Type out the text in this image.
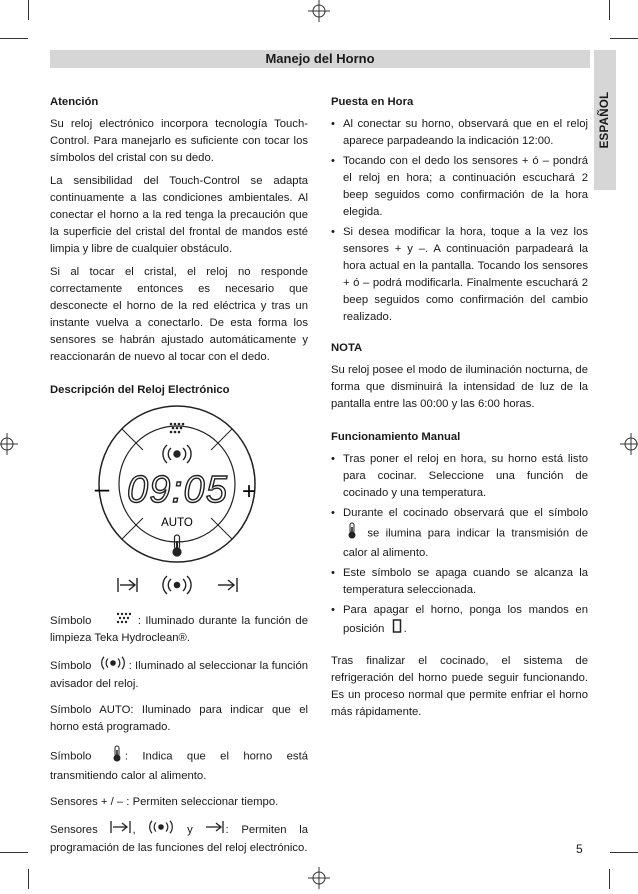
Manejo del Horno
ESPAÑOL
Atención

Su reloj electrónico incorpora tecnología Touch-Control. Para manejarlo es suficiente con tocar los símbolos del cristal con su dedo.

La sensibilidad del Touch-Control se adapta continuamente a las condiciones ambientales. Al conectar el horno a la red tenga la precaución que la superficie del cristal del frontal de mandos esté limpia y libre de cualquier obstáculo.

Si al tocar el cristal, el reloj no responde correctamente entonces es necesario que desconecte el horno de la red eléctrica y tras un instante vuelva a conectarlo. De esta forma los sensores se habrán ajustado automáticamente y reaccionarán de nuevo al tocar con el dedo.

Descripción del Reloj Electrónico
– 09:05 +
AUTO

Símbolo	: Iluminado durante la función de limpieza Teka Hydroclean®.

Símbolo	: Iluminado al seleccionar la función avisador del reloj.

Símbolo AUTO: Iluminado para indicar que el horno está programado.

Símbolo	: Indica que el horno está transmitiendo calor al alimento.

Sensores + / – : Permiten seleccionar tiempo.

Sensores	,	y	: Permiten la programación de las funciones del reloj electrónico.

Puesta en Hora
• Al conectar su horno, observará que en el reloj aparece parpadeando la indicación 12:00.
• Tocando con el dedo los sensores + ó – pondrá el reloj en hora; a continuación escuchará 2 beep seguidos como confirmación de la hora elegida.
• Si desea modificar la hora, toque a la vez los sensores + y –. A continuación parpadeará la hora actual en la pantalla. Tocando los sensores + ó – podrá modificarla. Finalmente escuchará 2 beep seguidos como confirmación del cambio realizado.
NOTA

Su reloj posee el modo de iluminación nocturna, de forma que disminuirá la intensidad de luz de la pantalla entre las 00:00 y las 6:00 horas.

Funcionamiento Manual
• Tras poner el reloj en hora, su horno está listo para cocinar. Seleccione una función de cocinado y una temperatura.
• Durante el cocinado observará que el símbolo  se ilumina para indicar la transmisión de calor al alimento.
• Este símbolo se apaga cuando se alcanza la temperatura seleccionada.
• Para apagar el horno, ponga los mandos en posición .

Tras finalizar el cocinado, el sistema de refrigeración del horno puede seguir funcionando. Es un proceso normal que permite enfriar el horno más rápidamente.

5
